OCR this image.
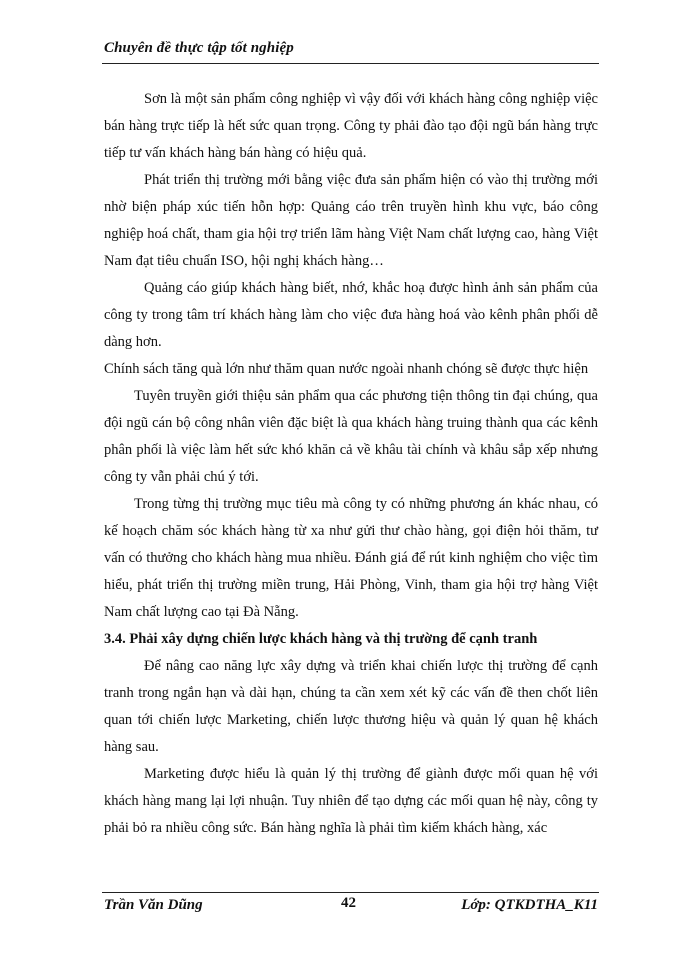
Chuyên đề thực tập tốt nghiệp

Sơn là một sản phẩm công nghiệp vì vậy đối với khách hàng công nghiệp việc bán hàng trực tiếp là hết sức quan trọng. Công ty phải đào tạo đội ngũ bán hàng trực tiếp tư vấn khách hàng bán hàng có hiệu quả.

Phát triển thị trường mới bằng việc đưa sản phẩm hiện có vào thị trường mới nhờ biện pháp xúc tiến hỗn hợp: Quảng cáo trên truyền hình khu vực, báo công nghiệp hoá chất, tham gia hội trợ triển lãm hàng Việt Nam chất lượng cao, hàng Việt Nam đạt tiêu chuẩn ISO, hội nghị khách hàng…

Quảng cáo giúp khách hàng biết, nhớ, khắc hoạ được hình ảnh sản phẩm của công ty trong tâm trí khách hàng làm cho việc đưa hàng hoá vào kênh phân phối dễ dàng hơn.

Chính sách tăng quà lớn như thăm quan nước ngoài nhanh chóng sẽ được thực hiện

Tuyên truyền giới thiệu sản phẩm qua các phương tiện thông tin đại chúng, qua đội ngũ cán bộ công nhân viên đặc biệt là qua khách hàng truing thành qua các kênh phân phối là việc làm hết sức khó khăn cả về khâu tài chính và khâu sắp xếp nhưng công ty vẫn phải chú ý tới.

Trong từng thị trường mục tiêu mà công ty có những phương án khác nhau, có kế hoạch chăm sóc khách hàng từ xa như gửi thư chào hàng, gọi điện hỏi thăm, tư vấn có thưởng cho khách hàng mua nhiều. Đánh giá để rút kinh nghiệm cho việc tìm hiểu, phát triển thị trường miền trung, Hải Phòng, Vinh, tham gia hội trợ hàng Việt Nam chất lượng cao tại Đà Nẵng.

3.4. Phải xây dựng chiến lược khách hàng và thị trường để cạnh tranh

Để nâng cao năng lực xây dựng và triển khai chiến lược thị trường để cạnh tranh trong ngắn hạn và dài hạn, chúng ta cần xem xét kỹ các vấn đề then chốt liên quan tới chiến lược Marketing, chiến lược thương hiệu và quản lý quan hệ khách hàng sau.

Marketing được hiểu là quản lý thị trường để giành được mối quan hệ với khách hàng mang lại lợi nhuận. Tuy nhiên để tạo dựng các mối quan hệ này, công ty phải bỏ ra nhiều công sức. Bán hàng nghĩa là phải tìm kiếm khách hàng, xác

Trần Văn Dũng	42	Lớp: QTKDTHA_K11
